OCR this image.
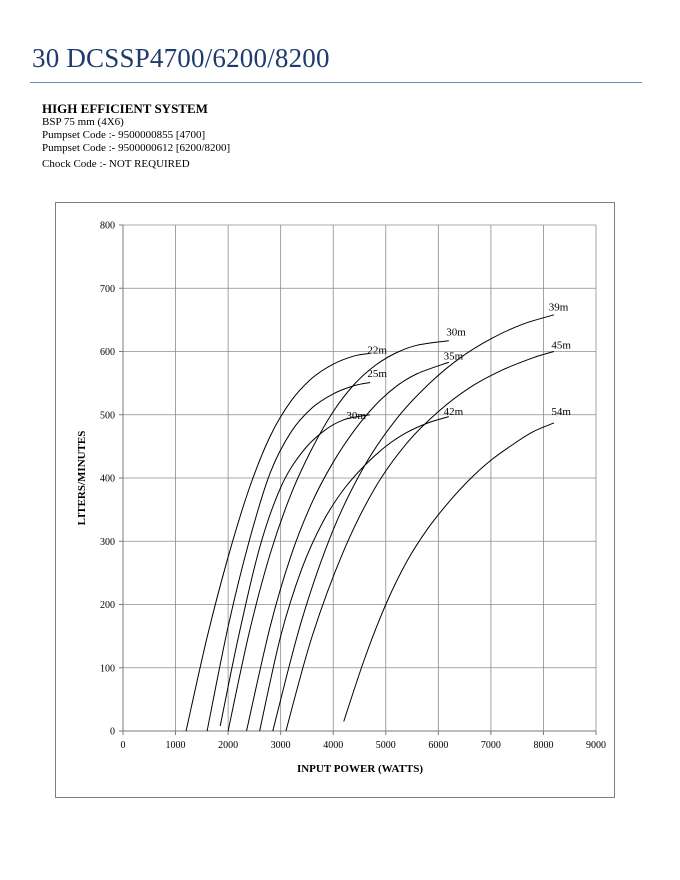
30 DCSSP4700/6200/8200
HIGH EFFICIENT SYSTEM
BSP 75 mm (4X6)
Pumpset Code :- 9500000855 [4700]
Pumpset Code :- 9500000612 [6200/8200]
Chock Code :- NOT REQUIRED
0	1000	2000	3000	4000	5000	6000	7000	8000	9000
0
100
200
300
400
500
600
700
800
22m
25m
30m
30m
35m
42m
39m
45m
54m
INPUT POWER (WATTS)
LITERS/MINUTES
